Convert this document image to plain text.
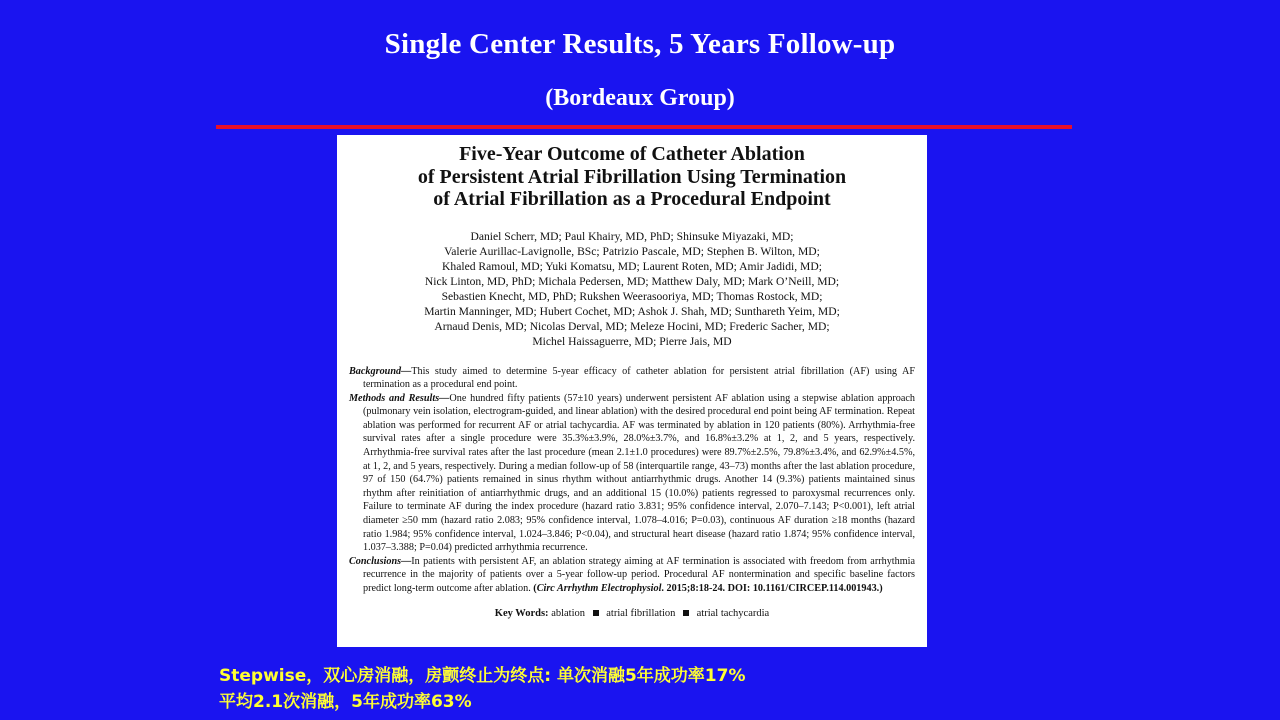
Single Center Results, 5 Years Follow-up
(Bordeaux Group)
Five-Year Outcome of Catheter Ablation
of Persistent Atrial Fibrillation Using Termination
of Atrial Fibrillation as a Procedural Endpoint
Daniel Scherr, MD; Paul Khairy, MD, PhD; Shinsuke Miyazaki, MD;
Valerie Aurillac-Lavignolle, BSc; Patrizio Pascale, MD; Stephen B. Wilton, MD;
Khaled Ramoul, MD; Yuki Komatsu, MD; Laurent Roten, MD; Amir Jadidi, MD;
Nick Linton, MD, PhD; Michala Pedersen, MD; Matthew Daly, MD; Mark O’Neill, MD;
Sebastien Knecht, MD, PhD; Rukshen Weerasooriya, MD; Thomas Rostock, MD;
Martin Manninger, MD; Hubert Cochet, MD; Ashok J. Shah, MD; Sunthareth Yeim, MD;
Arnaud Denis, MD; Nicolas Derval, MD; Meleze Hocini, MD; Frederic Sacher, MD;
Michel Haissaguerre, MD; Pierre Jais, MD

Background—This study aimed to determine 5-year efficacy of catheter ablation for persistent atrial fibrillation (AF) using AF termination as a procedural end point.

Methods and Results—One hundred fifty patients (57±10 years) underwent persistent AF ablation using a stepwise ablation approach (pulmonary vein isolation, electrogram-guided, and linear ablation) with the desired procedural end point being AF termination. Repeat ablation was performed for recurrent AF or atrial tachycardia. AF was terminated by ablation in 120 patients (80%). Arrhythmia-free survival rates after a single procedure were 35.3%±3.9%, 28.0%±3.7%, and 16.8%±3.2% at 1, 2, and 5 years, respectively. Arrhythmia-free survival rates after the last procedure (mean 2.1±1.0 procedures) were 89.7%±2.5%, 79.8%±3.4%, and 62.9%±4.5%, at 1, 2, and 5 years, respectively. During a median follow-up of 58 (interquartile range, 43–73) months after the last ablation procedure, 97 of 150 (64.7%) patients remained in sinus rhythm without antiarrhythmic drugs. Another 14 (9.3%) patients maintained sinus rhythm after reinitiation of antiarrhythmic drugs, and an additional 15 (10.0%) patients regressed to paroxysmal recurrences only. Failure to terminate AF during the index procedure (hazard ratio 3.831; 95% confidence interval, 2.070–7.143; P<0.001), left atrial diameter ≥50 mm (hazard ratio 2.083; 95% confidence interval, 1.078–4.016; P=0.03), continuous AF duration ≥18 months (hazard ratio 1.984; 95% confidence interval, 1.024–3.846; P<0.04), and structural heart disease (hazard ratio 1.874; 95% confidence interval, 1.037–3.388; P=0.04) predicted arrhythmia recurrence.

Conclusions—In patients with persistent AF, an ablation strategy aiming at AF termination is associated with freedom from arrhythmia recurrence in the majority of patients over a 5-year follow-up period. Procedural AF nontermination and specific baseline factors predict long-term outcome after ablation. (Circ Arrhythm Electrophysiol. 2015;8:18-24. DOI: 10.1161/CIRCEP.114.001943.)

Key Words: ablation atrial fibrillation atrial tachycardia
Stepwise，双心房消融，房颤终止为终点: 单次消融5年成功率17%
平均2.1次消融，5年成功率63%
